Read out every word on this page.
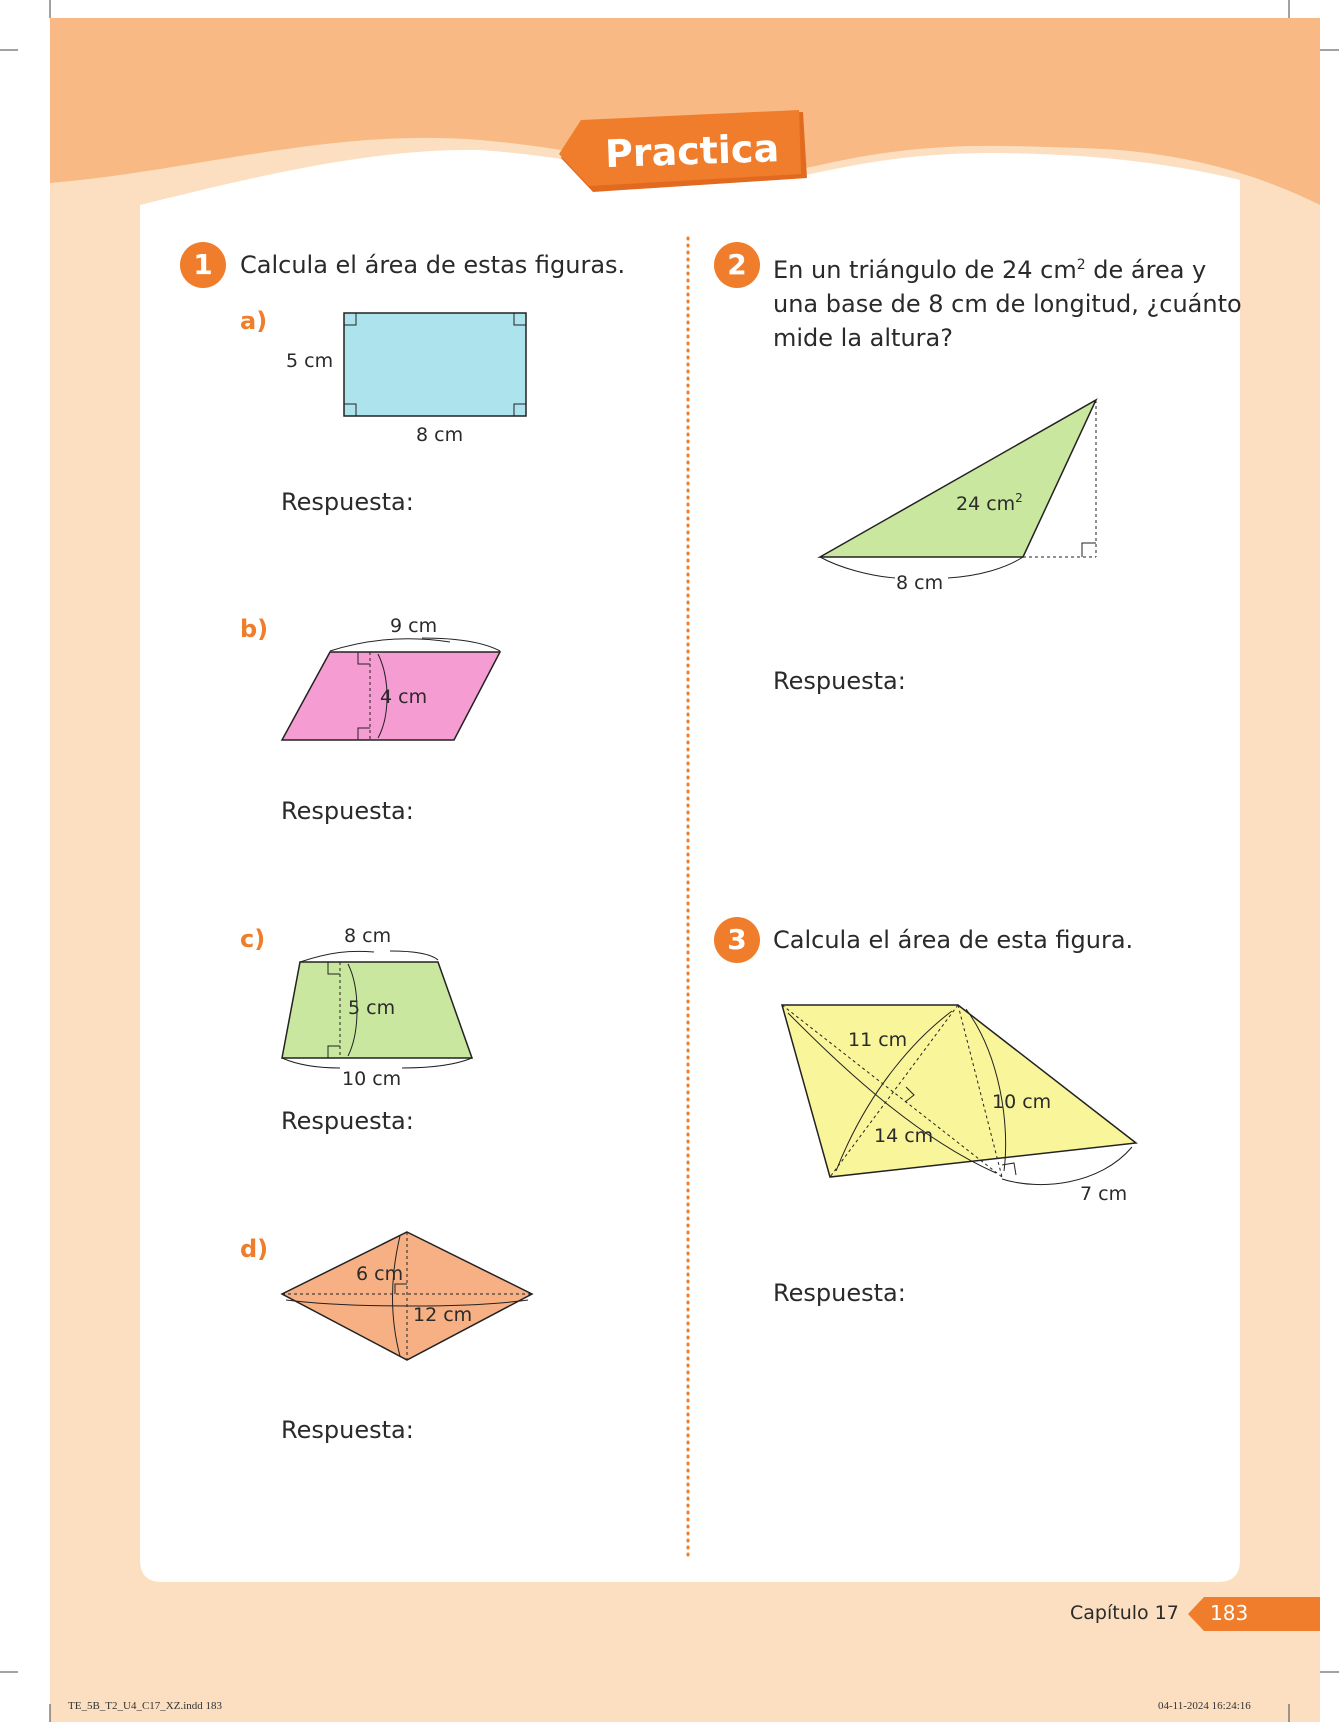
Practica
1	Calcula el área de estas figuras.
a)
5 cm
8 cm
Respuesta:
b)	9 cm
4 cm
Respuesta:
c)	8 cm
5 cm
10 cm
Respuesta:
d)
6 cm
12 cm
Respuesta:
2	En un triángulo de 24 $cm^2$ de área y
una base de 8 cm de longitud, ¿cuánto
mide la altura?
24 $cm^2$
8 cm
Respuesta:
3	Calcula el área de esta figura.
11 cm
10 cm
14 cm
7 cm
Respuesta:
Capítulo 17 183
TE_5B_T2_U4_C17_XZ.indd 183	04-11-2024 16:24:16
